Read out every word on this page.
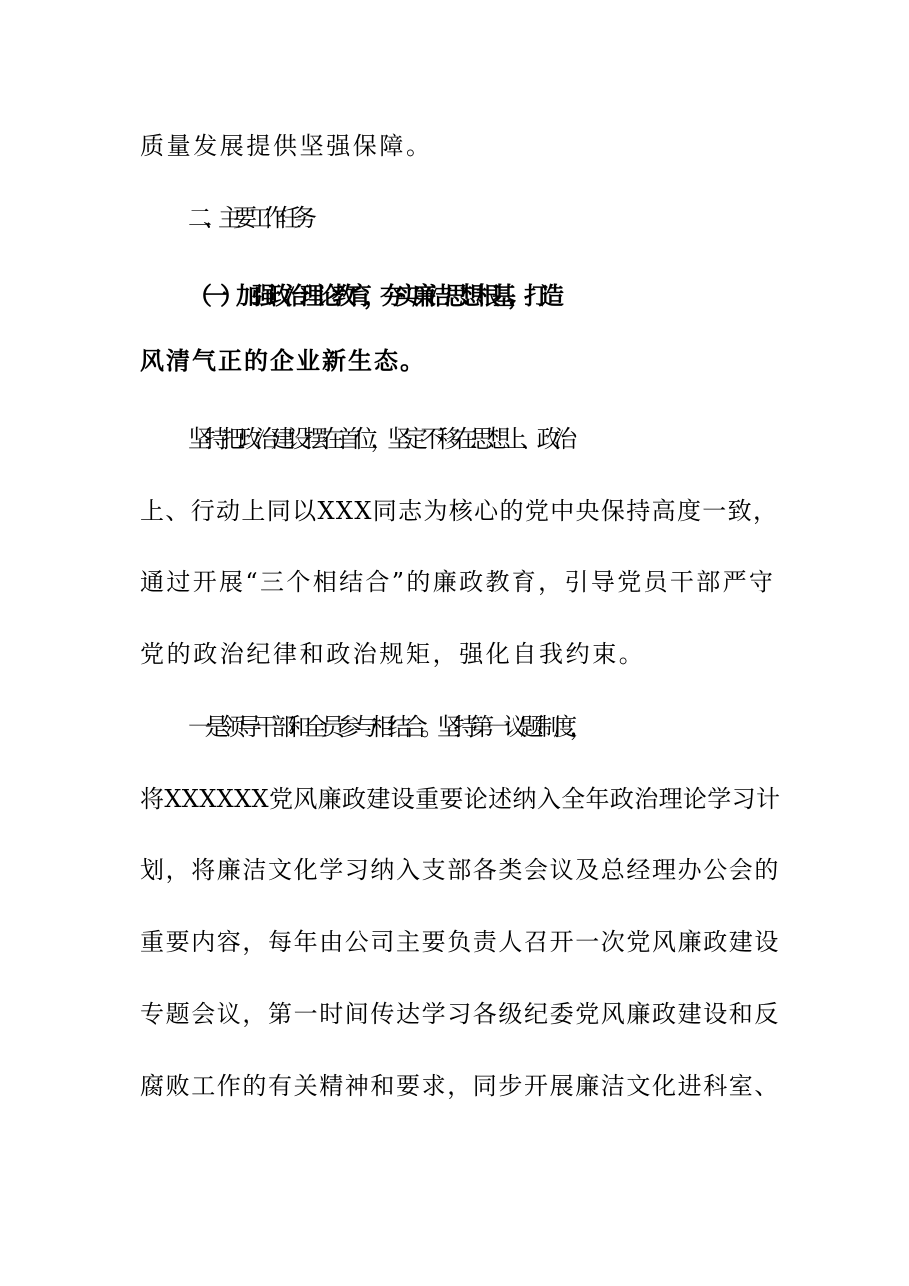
质量发展提供坚强保障。
二、主要工作任务
（一）加强政治理论教育，夯实廉洁思想根基，打造
风清气正的企业新生态。
坚持把政治建设摆在首位，坚定不移在思想上、政治
上、行动上同以XXX同志为核心的党中央保持高度一致，
通过开展“三个相结合”的廉政教育，引导党员干部严守
党的政治纪律和政治规矩，强化自我约束。
一是领导干部和全员参与相结合。坚持第一议题制度，
将XXXXXX党风廉政建设重要论述纳入全年政治理论学习计
划，将廉洁文化学习纳入支部各类会议及总经理办公会的
重要内容，每年由公司主要负责人召开一次党风廉政建设
专题会议，第一时间传达学习各级纪委党风廉政建设和反
腐败工作的有关精神和要求，同步开展廉洁文化进科室、
